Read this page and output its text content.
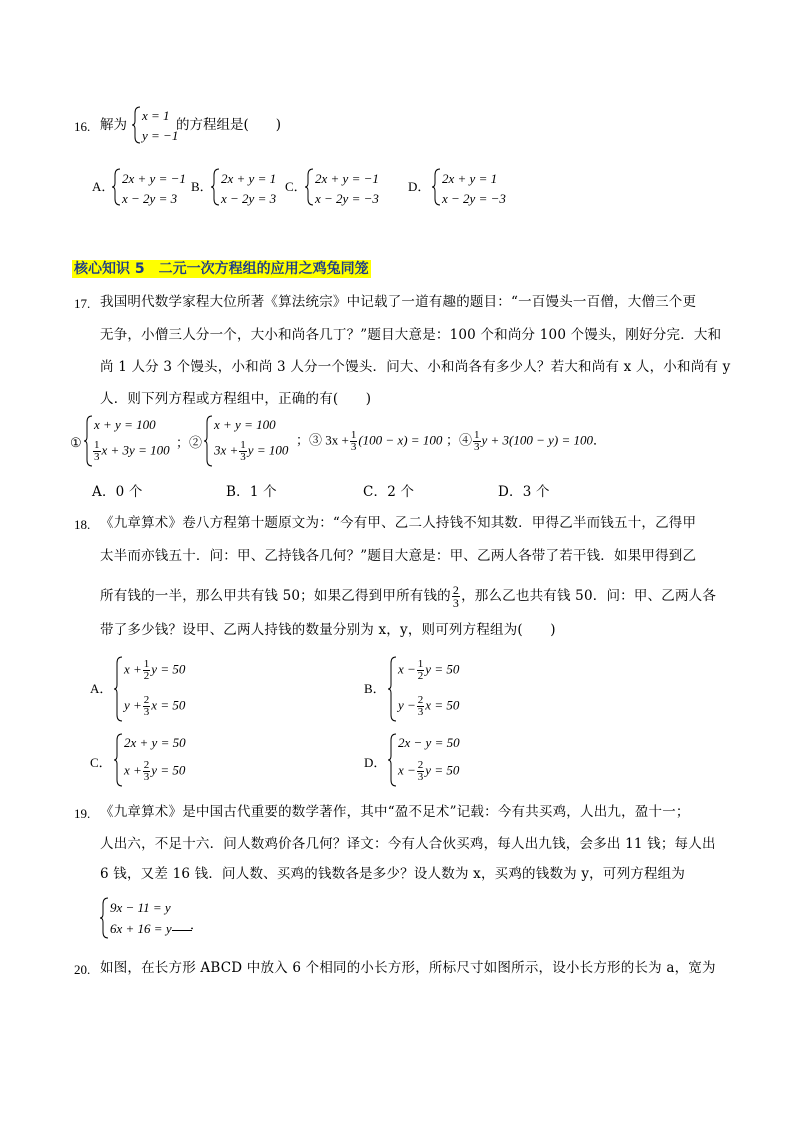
16. 解为
x = 1
y = −1
的方程组是(　　)
A．
2x + y = −1
x − 2y = 3
B．
2x + y = 1
x − 2y = 3
C．
2x + y = −1
x − 2y = −3
D．
2x + y = 1
x − 2y = −3
核心知识 5　二元一次方程组的应用之鸡兔同笼
17. 我国明代数学家程大位所著《算法统宗》中记载了一道有趣的题目：“一百馒头一百僧，大僧三个更
无争，小僧三人分一个，大小和尚各几丁？”题目大意是：100 个和尚分 100 个馒头，刚好分完．大和
尚 1 人分 3 个馒头，小和尚 3 人分一个馒头．问大、小和尚各有多少人？若大和尚有 x 人，小和尚有 y
人．则下列方程或方程组中，正确的有(　　)
①
x + y = 100
$\frac{1}{3}$ x + 3y = 100 ；②
x + y = 100
$3x + \frac{1}{3}$ y = 100
；③ $3x + \frac{1}{3} (100 - x) = 100$ ；④ $\frac{1}{3}$ y + 3(100 − y) = 100．
A．0 个	B．1 个	C．2 个	D．3 个
18. 《九章算术》卷八方程第十题原文为：“今有甲、乙二人持钱不知其数．甲得乙半而钱五十，乙得甲
太半而亦钱五十．问：甲、乙持钱各几何？”题目大意是：甲、乙两人各带了若干钱．如果甲得到乙
所有钱的一半，那么甲共有钱 50；如果乙得到甲所有钱的 $\frac{2}{3}$ ，那么乙也共有钱 50．问：甲、乙两人各
带了多少钱？设甲、乙两人持钱的数量分别为 x，y，则可列方程组为(　　)
A．
$x + \frac{1}{2}$ y = 50
$y + \frac{2}{3}$ x = 50
B．
$x - \frac{1}{2}$ y = 50
$y - \frac{2}{3}$ x = 50
C．
2x + y = 50
$x + \frac{2}{3}$ y = 50	D．
2x − y = 50
$x - \frac{2}{3}$ y = 50
19. 《九章算术》是中国古代重要的数学著作，其中“盈不足术”记载：今有共买鸡，人出九，盈十一；
人出六，不足十六．问人数鸡价各几何？译文：今有人合伙买鸡，每人出九钱，会多出 11 钱；每人出
6 钱，又差 16 钱．问人数、买鸡的钱数各是多少？设人数为 x，买鸡的钱数为 y，可列方程组为
9x − 11 = y
6x + 16 = y ．
20. 如图，在长方形 ABCD 中放入 6 个相同的小长方形，所标尺寸如图所示，设小长方形的长为 a，宽为
